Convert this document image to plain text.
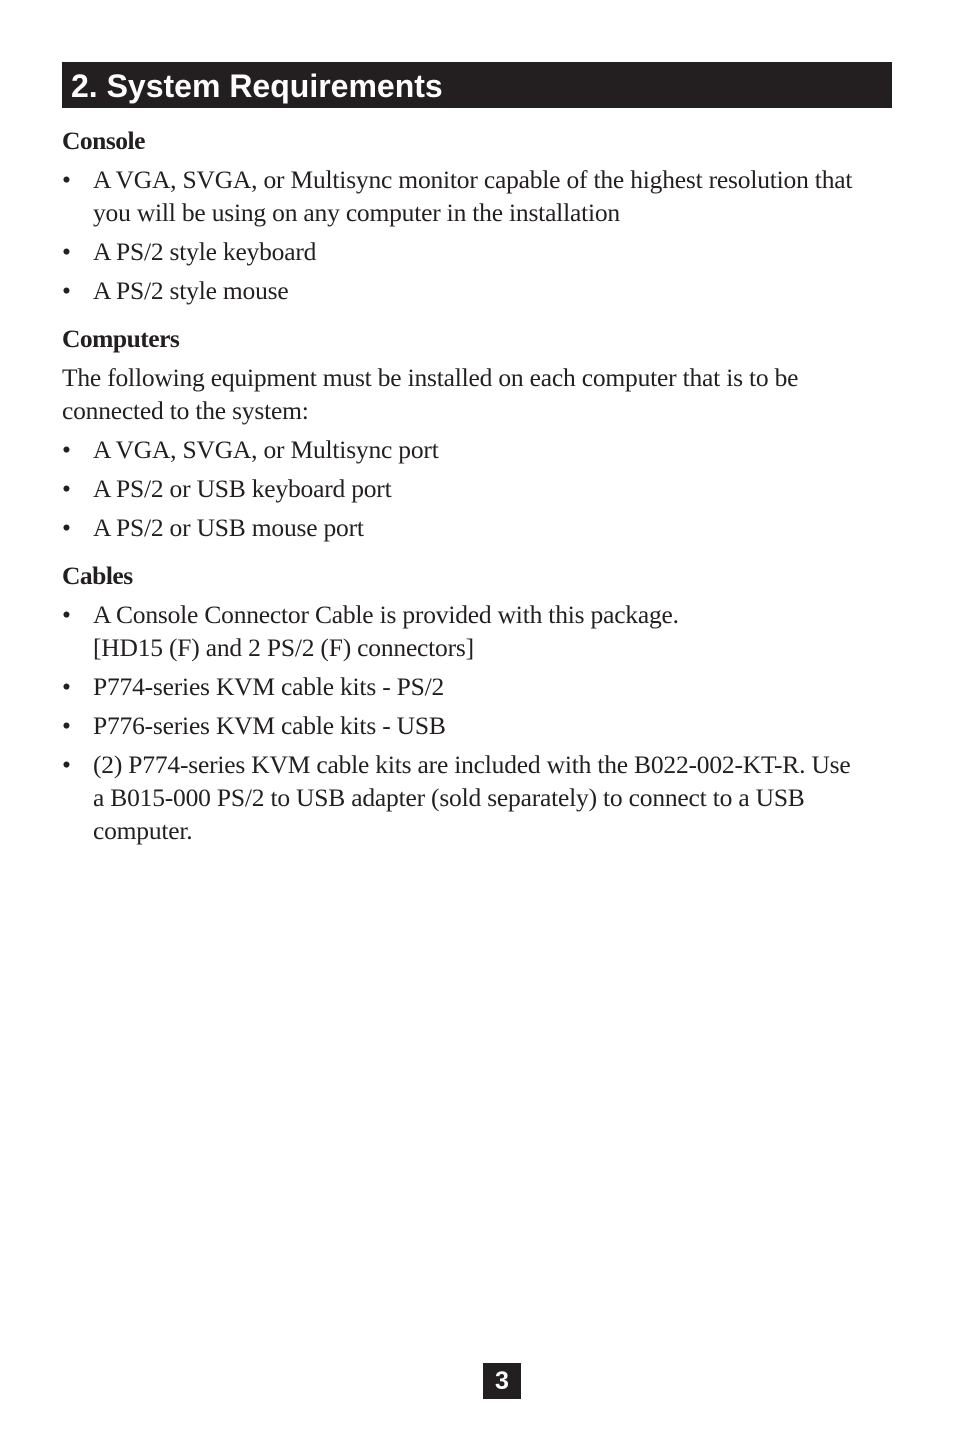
2. System Requirements
Console
• A VGA, SVGA, or Multisync monitor capable of the highest resolution that
you will be using on any computer in the installation
• A PS/2 style keyboard
• A PS/2 style mouse
Computers
The following equipment must be installed on each computer that is to be
connected to the system:
• A VGA, SVGA, or Multisync port
• A PS/2 or USB keyboard port
• A PS/2 or USB mouse port
Cables
• A Console Connector Cable is provided with this package.
[HD15 (F) and 2 PS/2 (F) connectors]
• P774-series KVM cable kits - PS/2
• P776-series KVM cable kits - USB
• (2) P774-series KVM cable kits are included with the B022-002-KT-R. Use
a B015-000 PS/2 to USB adapter (sold separately) to connect to a USB
computer.
3
